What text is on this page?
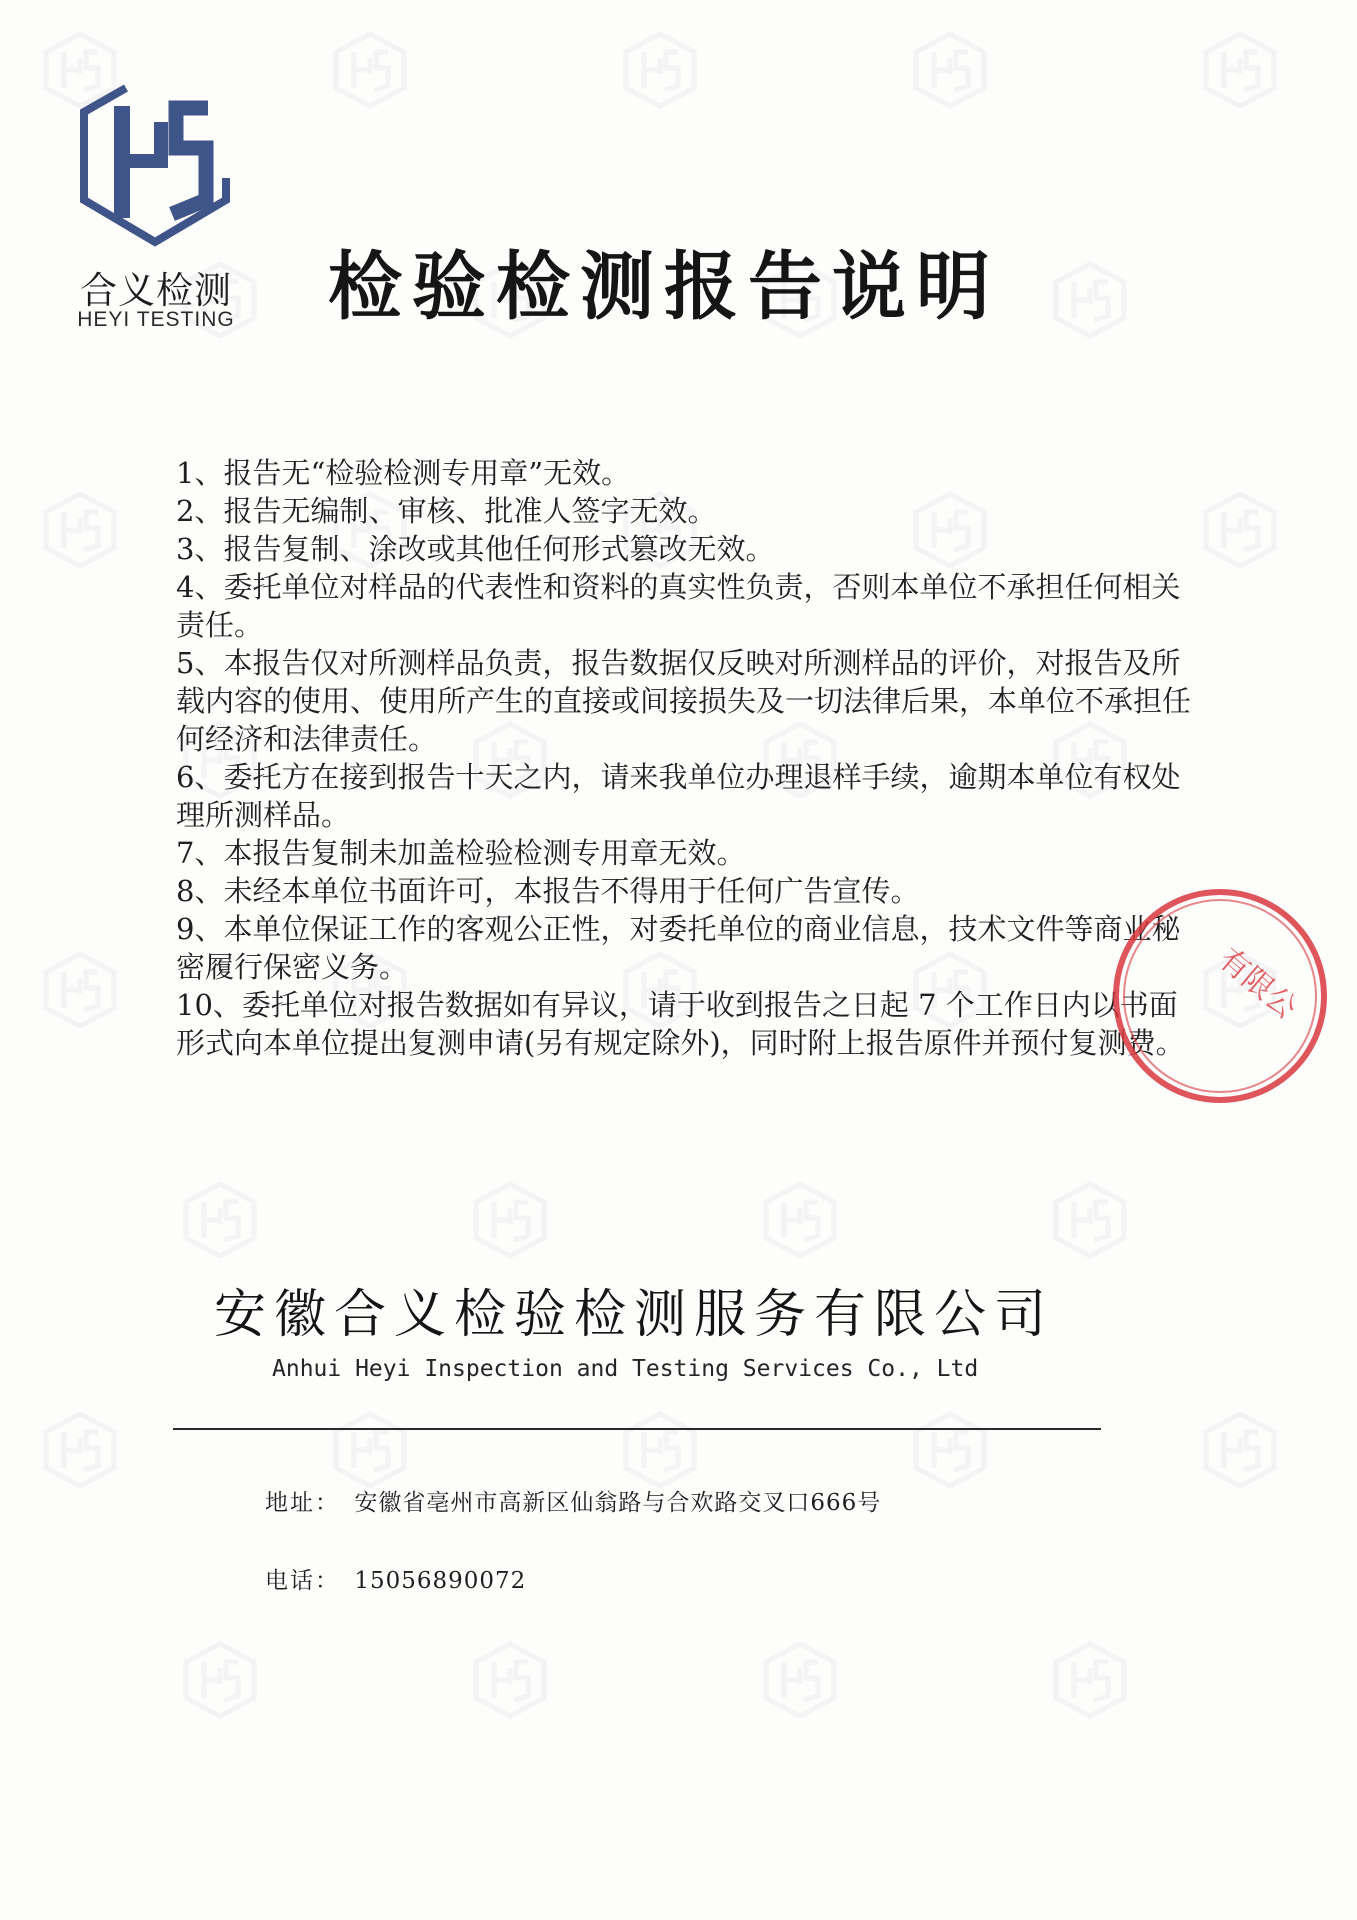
合义检测
HEYI TESTING 检验检测报告说明

1、报告无“检验检测专用章”无效。

2、报告无编制、审核、批准人签字无效。

3、报告复制、涂改或其他任何形式篡改无效。

4、委托单位对样品的代表性和资料的真实性负责，否则本单位不承担任何相关责任。

5、本报告仅对所测样品负责，报告数据仅反映对所测样品的评价，对报告及所载内容的使用、使用所产生的直接或间接损失及一切法律后果，本单位不承担任何经济和法律责任。

6、委托方在接到报告十天之内，请来我单位办理退样手续，逾期本单位有权处理所测样品。

7、本报告复制未加盖检验检测专用章无效。

8、未经本单位书面许可，本报告不得用于任何广告宣传。

9、本单位保证工作的客观公正性，对委托单位的商业信息，技术文件等商业秘密履行保密义务。

10、委托单位对报告数据如有异议，请于收到报告之日起 7 个工作日内以书面形式向本单位提出复测申请(另有规定除外)，同时附上报告原件并预付复测费。

有限公
安徽合义检验检测服务有限公司
Anhui Heyi Inspection and Testing Services Co., Ltd
地址： 安徽省亳州市高新区仙翁路与合欢路交叉口666号
电话： 15056890072
